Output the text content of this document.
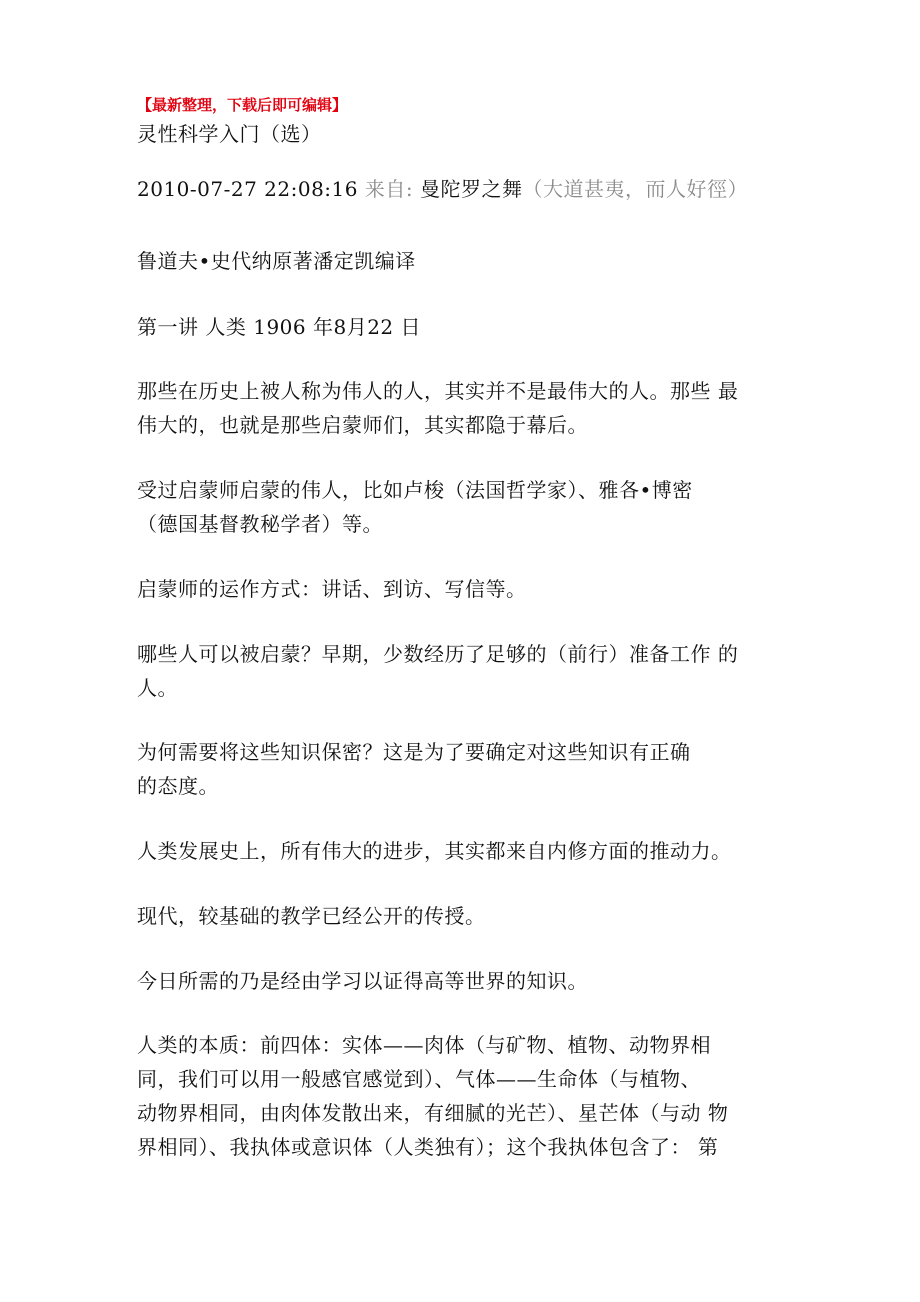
【最新整理，下载后即可编辑】
灵性科学入门（选）
2010-07-27 22:08:16 来自: 曼陀罗之舞（大道甚夷，而人好徑）
鲁道夫•史代纳原著潘定凯编译
第一讲 人类 1906 年8月22 日
那些在历史上被人称为伟人的人，其实并不是最伟大的人。那些 最
伟大的，也就是那些启蒙师们，其实都隐于幕后。
受过启蒙师启蒙的伟人，比如卢梭（法国哲学家）、雅各•博密
（德国基督教秘学者）等。
启蒙师的运作方式：讲话、到访、写信等。
哪些人可以被启蒙？早期，少数经历了足够的（前行）准备工作 的
人。
为何需要将这些知识保密？这是为了要确定对这些知识有正确
的态度。
人类发展史上，所有伟大的进步，其实都来自内修方面的推动力。
现代，较基础的教学已经公开的传授。
今日所需的乃是经由学习以证得高等世界的知识。
人类的本质：前四体：实体——肉体（与矿物、植物、动物界相
同，我们可以用一般感官感觉到）、气体——生命体（与植物、
动物界相同，由肉体发散出来，有细腻的光芒）、星芒体（与动 物
界相同）、我执体或意识体（人类独有）；这个我执体包含了： 第
